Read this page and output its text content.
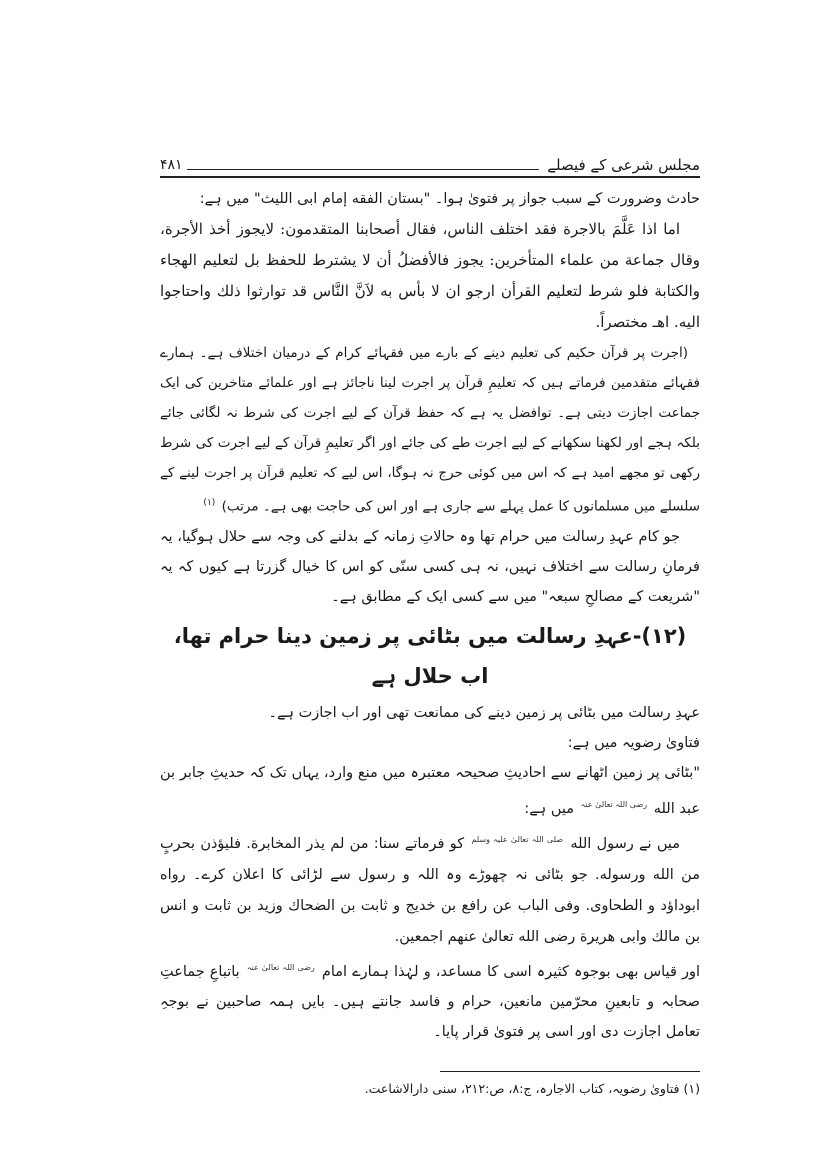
مجلس شرعی کے فیصلے
۴۸۱

حادث وضرورت کے سبب جواز پر فتویٰ ہوا۔ "بستان الفقه إمام ابی اللیث" میں ہے:

اما اذا عَلَّمَ بالاجرة فقد اختلف الناس، فقال أصحابنا المتقدمون: لايجوز أخذ الأجرة، وقال جماعة من علماء المتأخرين: يجوز فالأفضلُ أن لا يشترط للحفظ بل لتعليم الهجاء والكتابة فلو شرط لتعليم القرأن ارجو ان لا بأس به لاَنَّ النَّاس قد توارثوا ذلك واحتاجوا اليه. اهـ مختصراً.

(اجرت پر قرآن حکیم کی تعلیم دینے کے بارے میں فقہائے کرام کے درمیان اختلاف ہے۔ ہمارے فقہائے متقدمین فرماتے ہیں کہ تعلیمِ قرآن پر اجرت لینا ناجائز ہے اور علمائے متاخرین کی ایک جماعت اجازت دیتی ہے۔ توافضل یہ ہے کہ حفظ قرآن کے لیے اجرت کی شرط نہ لگائی جائے بلکہ ہجے اور لکھنا سکھانے کے لیے اجرت طے کی جائے اور اگر تعلیمِ قرآن کے لیے اجرت کی شرط رکھی تو مجھے امید ہے کہ اس میں کوئی حرج نہ ہوگا، اس لیے کہ تعلیم قرآن پر اجرت لینے کے سلسلے میں مسلمانوں کا عمل پہلے سے جاری ہے اور اس کی حاجت بھی ہے۔ مرتب) $^{(۱)}$

جو کام عہدِ رسالت میں حرام تھا وہ حالاتِ زمانہ کے بدلنے کی وجہ سے حلال ہوگیا، یہ فرمانِ رسالت سے اختلاف نہیں، نہ ہی کسی سنّی کو اس کا خیال گزرتا ہے کیوں کہ یہ "شریعت کے مصالحِ سبعہ" میں سے کسی ایک کے مطابق ہے۔

(۱۲)-عہدِ رسالت میں بٹائی پر زمین دینا حرام تھا، اب حلال ہے

عہدِ رسالت میں بٹائی پر زمین دینے کی ممانعت تھی اور اب اجازت ہے۔

فتاویٰ رضویہ میں ہے:

"بٹائی پر زمین اٹھانے سے احادیثِ صحیحہ معتبرہ میں منع وارد، یہاں تک کہ حدیثِ جابر بن عبد الله $^{رضی اللہ تعالیٰ عنہ}$ میں ہے:

میں نے رسول الله $^{صلی اللہ تعالیٰ علیہ وسلم}$ کو فرماتے سنا: من لم يذر المخابرة. فليؤذن بحربٍ من الله ورسوله. جو بٹائی نہ چھوڑے وہ اللہ و رسول سے لڑائی کا اعلان کرے۔ رواه ابوداؤد و الطحاوی. وفی الباب عن رافع بن خديج و ثابت بن الضحاك وزيد بن ثابت و انس بن مالك وابی هريرة رضی الله تعالیٰ عنهم اجمعين.

اور قیاس بھی بوجوہ کثیرہ اسی کا مساعد، و لہٰذا ہمارے امام $^{رضی اللہ تعالیٰ عنہ}$ باتباعِ جماعتِ صحابہ و تابعینِ محرّمین مانعین، حرام و فاسد جانتے ہیں۔ بایں ہمہ صاحبین نے بوجہِ تعامل اجازت دی اور اسی پر فتویٰ قرار پایا۔

(۱) فتاویٰ رضویہ، کتاب الاجارہ، ج:۸، ص:۲۱۲، سنی دارالاشاعت.
